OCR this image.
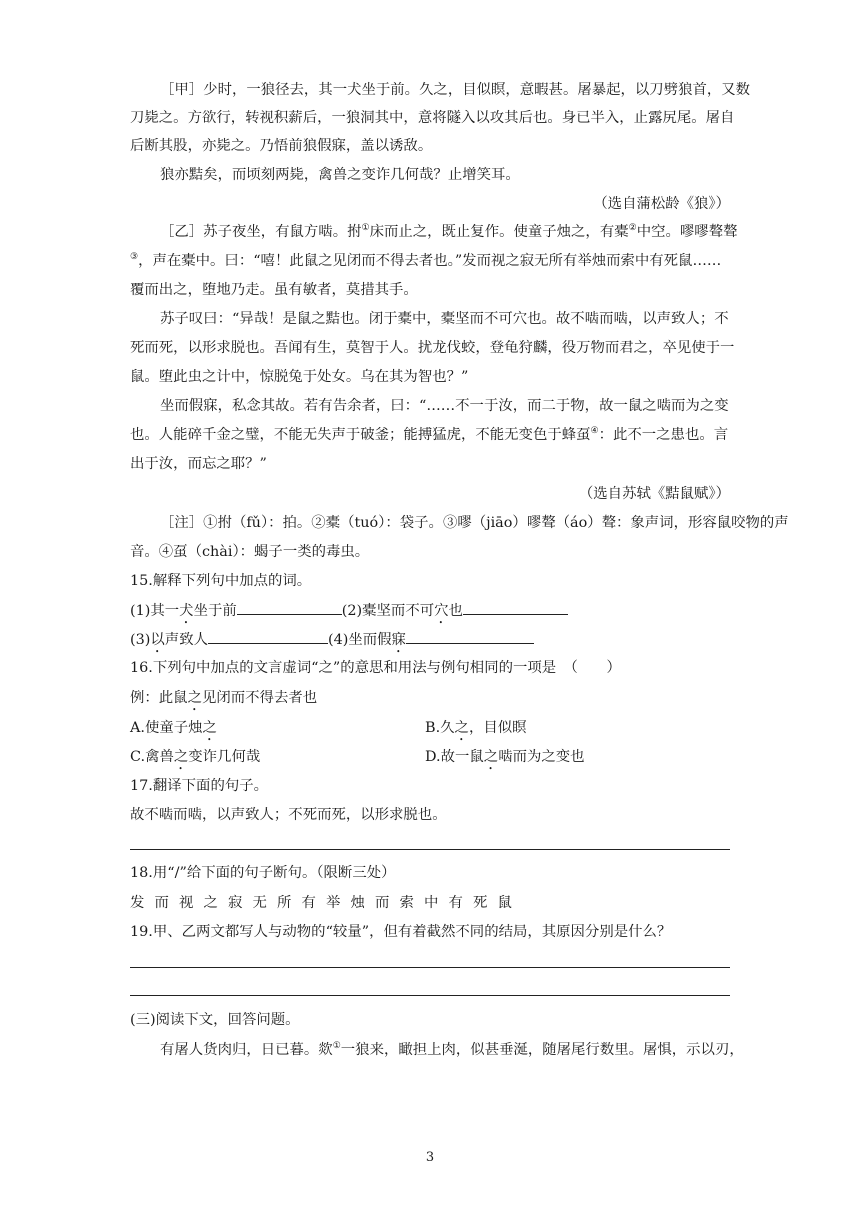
［甲］少时，一狼径去，其一犬坐于前。久之，目似瞑，意暇甚。屠暴起，以刀劈狼首，又数
刀毙之。方欲行，转视积薪后，一狼洞其中，意将隧入以攻其后也。身已半入，止露尻尾。屠自
后断其股，亦毙之。乃悟前狼假寐，盖以诱敌。
狼亦黠矣，而顷刻两毙，禽兽之变诈几何哉？止增笑耳。
（选自蒲松龄《狼》）
［乙］苏子夜坐，有鼠方啮。拊①床而止之，既止复作。使童子烛之，有橐②中空。嘐嘐聱聱
③，声在橐中。曰：“嘻！此鼠之见闭而不得去者也。”发而视之寂无所有举烛而索中有死鼠……
覆而出之，堕地乃走。虽有敏者，莫措其手。
苏子叹曰：“异哉！是鼠之黠也。闭于橐中，橐坚而不可穴也。故不啮而啮，以声致人；不
死而死，以形求脱也。吾闻有生，莫智于人。扰龙伐蛟，登龟狩麟，役万物而君之，卒见使于一
鼠。堕此虫之计中，惊脱兔于处女。乌在其为智也？”
坐而假寐，私念其故。若有告余者，曰：“……不一于汝，而二于物，故一鼠之啮而为之变
也。人能碎千金之璧，不能无失声于破釜；能搏猛虎，不能无变色于蜂虿④：此不一之患也。言
出于汝，而忘之耶？”
（选自苏轼《黠鼠赋》）
［注］①拊（fǔ）：拍。②橐（tuó）：袋子。③嘐（jiāo）嘐聱（áo）聱：象声词，形容鼠咬物的声
音。④虿（chài）：蝎子一类的毒虫。
15.解释下列句中加点的词。
(1)其一犬坐于前	(2)橐坚而不可穴也
(3)以声致人	(4)坐而假寐
16.下列句中加点的文言虚词“之”的意思和用法与例句相同的一项是　（　　）
例：此鼠之见闭而不得去者也
A.使童子烛之	B.久之，目似瞑
C.禽兽之变诈几何哉	D.故一鼠之啮而为之变也
17.翻译下面的句子。
故不啮而啮，以声致人；不死而死，以形求脱也。
18.用“/”给下面的句子断句。（限断三处）
发 而 视 之 寂 无 所 有 举 烛 而 索 中 有 死 鼠
19.甲、乙两文都写人与动物的“较量”，但有着截然不同的结局，其原因分别是什么？
(三)阅读下文，回答问题。
有屠人货肉归，日已暮。欻①一狼来，瞰担上肉，似甚垂涎，随屠尾行数里。屠惧，示以刃，
3
